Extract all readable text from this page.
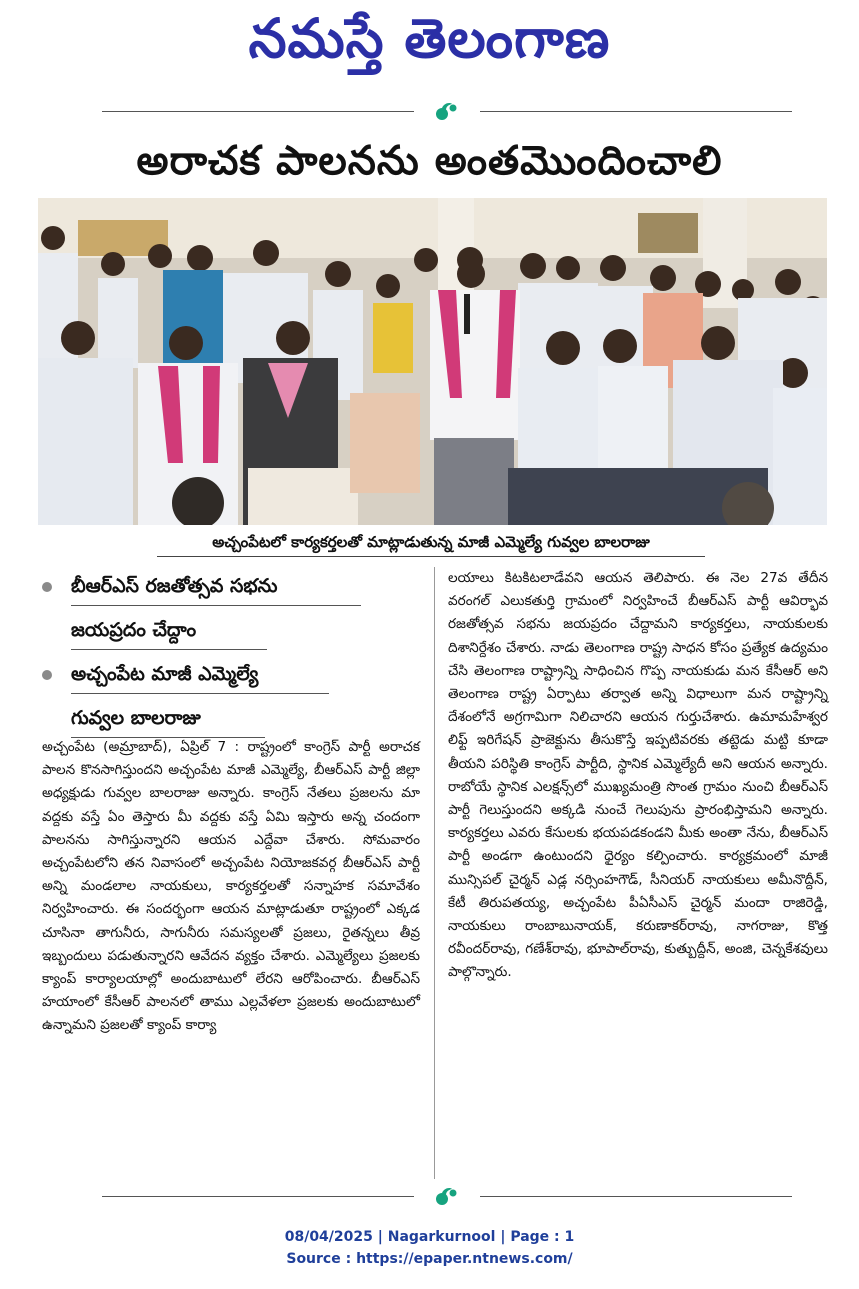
నమస్తే తెలంగాణ
అరాచక పాలనను అంతమొందించాలి
అచ్చంపేటలో కార్యకర్తలతో మాట్లాడుతున్న మాజీ ఎమ్మెల్యే గువ్వల బాలరాజు
బీఆర్‌ఎస్ రజతోత్సవ సభను
జయప్రదం చేద్దాం
అచ్చంపేట మాజీ ఎమ్మెల్యే
గువ్వల బాలరాజు
అచ్చంపేట (అమ్రాబాద్), ఏప్రిల్ 7 : రాష్ట్రంలో కాంగ్రెస్ పార్టీ అరాచక పాలన కొనసాగిస్తుందని అచ్చంపేట మాజీ ఎమ్మెల్యే, బీఆర్‌ఎస్ పార్టీ జిల్లా అధ్యక్షుడు గువ్వల బాలరాజు అన్నారు. కాంగ్రెస్ నేతలు ప్రజలను మా వద్దకు వస్తే ఏం తెస్తారు మీ వద్దకు వస్తే ఏమి ఇస్తారు అన్న చందంగా పాలనను సాగిస్తున్నారని ఆయన ఎద్దేవా చేశారు. సోమవారం అచ్చంపేటలోని తన నివాసంలో అచ్చంపేట నియోజకవర్గ బీఆర్‌ఎస్ పార్టీ అన్ని మండలాల నాయకులు, కార్యకర్తలతో సన్నాహక సమావేశం నిర్వహించారు. ఈ సందర్భంగా ఆయన మాట్లాడుతూ రాష్ట్రంలో ఎక్కడ చూసినా తాగునీరు, సాగునీరు సమస్యలతో ప్రజలు, రైతన్నలు తీవ్ర ఇబ్బందులు పడుతున్నారని ఆవేదన వ్యక్తం చేశారు. ఎమ్మెల్యేలు ప్రజలకు క్యాంప్ కార్యాలయాల్లో అందుబాటులో లేరని ఆరోపించారు. బీఆర్‌ఎస్ హయాంలో కేసీఆర్ పాలనలో తాము ఎల్లవేళలా ప్రజలకు అందుబాటులో ఉన్నామని ప్రజలతో క్యాంప్ కార్యా
లయాలు కిటకిటలాడేవని ఆయన తెలిపారు. ఈ నెల 27వ తేదీన వరంగల్ ఎలుకతుర్తి గ్రామంలో నిర్వహించే బీఆర్‌ఎస్ పార్టీ ఆవిర్భావ రజతోత్సవ సభను జయప్రదం చేద్దామని కార్యకర్తలు, నాయకులకు దిశానిర్దేశం చేశారు. నాడు తెలంగాణ రాష్ట్ర సాధన కోసం ప్రత్యేక ఉద్యమం చేసి తెలంగాణ రాష్ట్రాన్ని సాధించిన గొప్ప నాయకుడు మన కేసీఆర్ అని తెలంగాణ రాష్ట్ర ఏర్పాటు తర్వాత అన్ని విధాలుగా మన రాష్ట్రాన్ని దేశంలోనే అగ్రగామిగా నిలిచారని ఆయన గుర్తుచేశారు. ఉమామహేశ్వర లిఫ్ట్ ఇరిగేషన్ ప్రాజెక్టును తీసుకొస్తే ఇప్పటివరకు తట్టెడు మట్టి కూడా తీయని పరిస్థితి కాంగ్రెస్ పార్టీది, స్థానిక ఎమ్మెల్యేదీ అని ఆయన అన్నారు. రాబోయే స్థానిక ఎలక్షన్స్‌లో ముఖ్యమంత్రి సొంత గ్రామం నుంచి బీఆర్‌ఎస్ పార్టీ గెలుస్తుందని అక్కడి నుంచే గెలుపును ప్రారంభిస్తామని అన్నారు. కార్యకర్తలు ఎవరు కేసులకు భయపడకండని మీకు అంతా నేను, బీఆర్‌ఎస్ పార్టీ అండగా ఉంటుందని ధైర్యం కల్పించారు. కార్యక్రమంలో మాజీ మున్సిపల్ చైర్మన్ ఎడ్ల నర్సింహగౌడ్, సీనియర్ నాయకులు అమీనొద్దీన్, కేటీ తిరుపతయ్య, అచ్చంపేట పీఏసీఎస్ చైర్మన్ మందా రాజిరెడ్డి, నాయకులు రాంబాబునాయక్, కరుణాకర్‌రావు, నాగరాజు, కొత్త రవీందర్‌రావు, గణేశ్‌రావు, భూపాల్‌రావు, కుత్బుద్దీన్, అంజి, చెన్నకేశవులు పాల్గొన్నారు.
08/04/2025 | Nagarkurnool | Page : 1
Source : https://epaper.ntnews.com/
